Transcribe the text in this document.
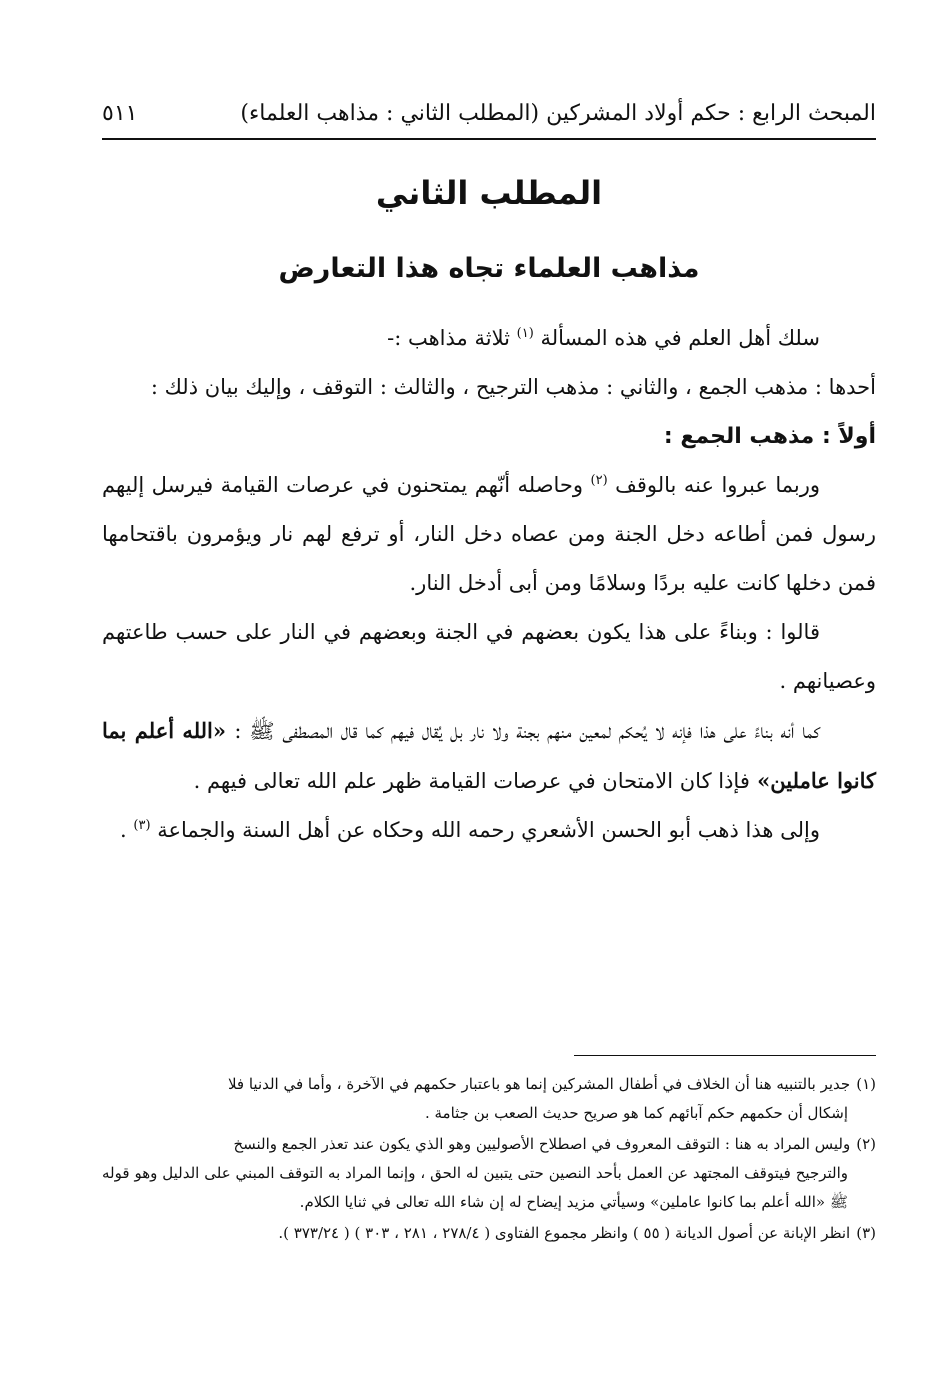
المبحث الرابع : حكم أولاد المشركين (المطلب الثاني : مذاهب العلماء)
٥١١
المطلب الثاني
مذاهب العلماء تجاه هذا التعارض

سلك أهل العلم في هذه المسألة $^{(١)}$ ثلاثة مذاهب :-

أحدها : مذهب الجمع ، والثاني : مذهب الترجيح ، والثالث : التوقف ، وإليك بيان ذلك :

أولاً : مذهب الجمع :

وربما عبروا عنه بالوقف $^{(٢)}$ وحاصله أنّهم يمتحنون في عرصات القيامة فيرسل إليهم رسول فمن أطاعه دخل الجنة ومن عصاه دخل النار، أو ترفع لهم نار ويؤمرون باقتحامها فمن دخلها كانت عليه بردًا وسلامًا ومن أبى أدخل النار.

قالوا : وبناءً على هذا يكون بعضهم في الجنة وبعضهم في النار على حسب طاعتهم وعصيانهم .

كما أنه بناءً على هذا فإنه لا يُحكم لمعين منهم بجنة ولا نار بل يُقال فيهم كما قال المصطفى ﷺ : «الله أعلم بما كانوا عاملين» فإذا كان الامتحان في عرصات القيامة ظهر علم الله تعالى فيهم .

وإلى هذا ذهب أبو الحسن الأشعري رحمه الله وحكاه عن أهل السنة والجماعة $^{(٣)}$ .

(١)جدير بالتنبيه هنا أن الخلاف في أطفال المشركين إنما هو باعتبار حكمهم في الآخرة ، وأما في الدنيا فلا
إشكال أن حكمهم حكم آبائهم كما هو صريح حديث الصعب بن جثامة .

(٢)وليس المراد به هنا : التوقف المعروف في اصطلاح الأصوليين وهو الذي يكون عند تعذر الجمع والنسخ
والترجيح فيتوقف المجتهد عن العمل بأحد النصين حتى يتبين له الحق ، وإنما المراد به التوقف المبني على الدليل وهو قوله ﷺ «الله أعلم بما كانوا عاملين» وسيأتي مزيد إيضاح له إن شاء الله تعالى في ثنايا الكلام.

(٣)انظر الإبانة عن أصول الديانة ( ٥٥ ) وانظر مجموع الفتاوى ( ٢٧٨/٤ ، ٢٨١ ، ٣٠٣ ) ( ٣٧٣/٢٤ ).
